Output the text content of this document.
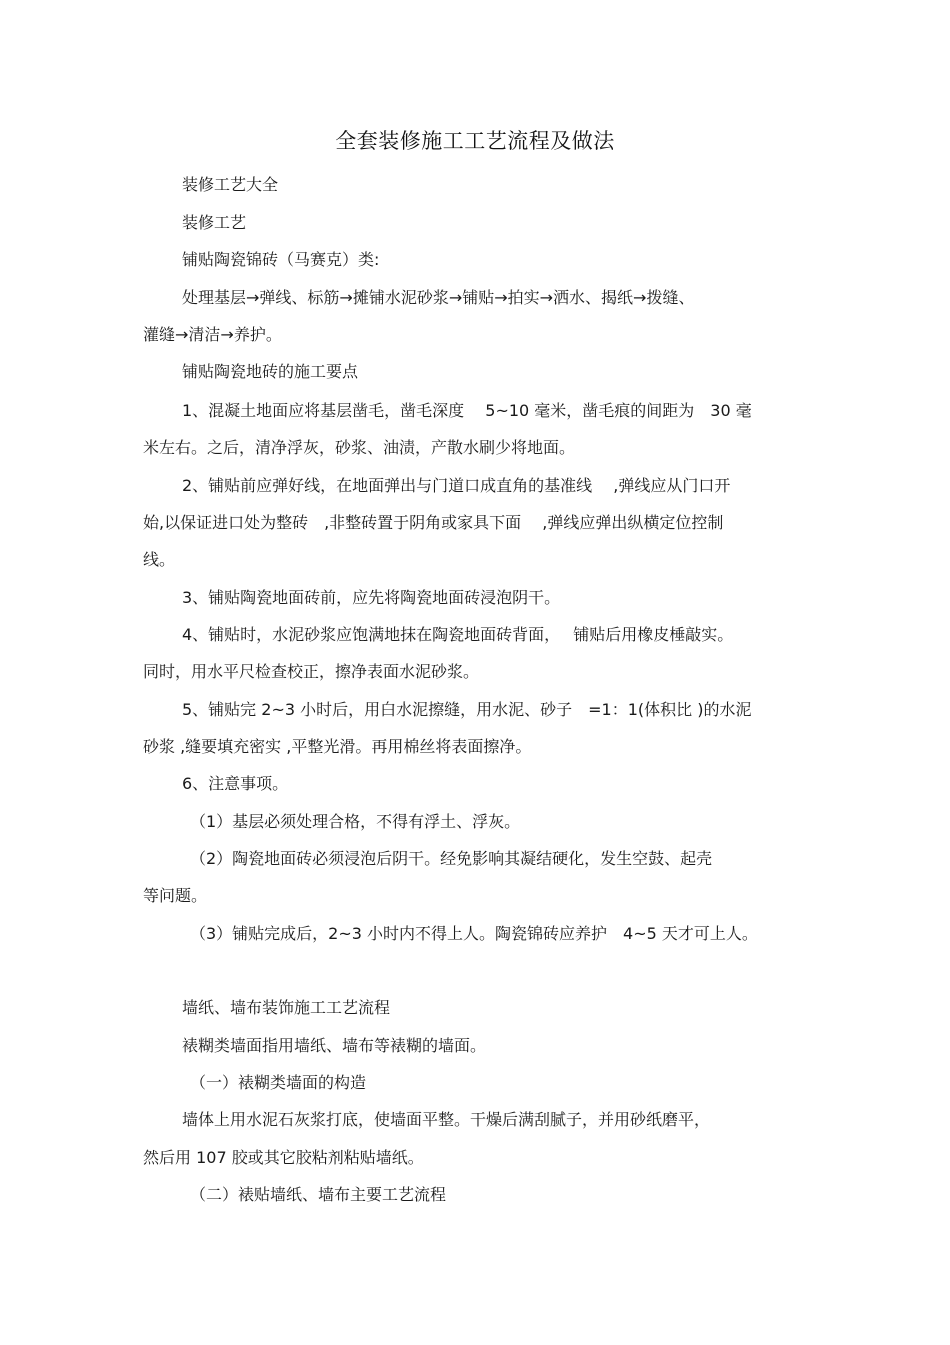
全套装修施工工艺流程及做法
装修工艺大全
装修工艺
铺贴陶瓷锦砖（马赛克）类:
处理基层→弹线、标筋→摊铺水泥砂浆→铺贴→拍实→洒水、揭纸→拨缝、
灌缝→清洁→养护。
铺贴陶瓷地砖的施工要点
1、混凝土地面应将基层凿毛，凿毛深度　 5~10 毫米，凿毛痕的间距为　30 毫
米左右。之后，清净浮灰，砂浆、油渍，产散水刷少将地面。
2、铺贴前应弹好线，在地面弹出与门道口成直角的基准线　 ,弹线应从门口开
始,以保证进口处为整砖　,非整砖置于阴角或家具下面　 ,弹线应弹出纵横定位控制
线。
3、铺贴陶瓷地面砖前，应先将陶瓷地面砖浸泡阴干。
4、铺贴时，水泥砂浆应饱满地抹在陶瓷地面砖背面，　 铺贴后用橡皮棰敲实。
同时，用水平尺检查校正，擦净表面水泥砂浆。
5、铺贴完 2~3 小时后，用白水泥擦缝，用水泥、砂子　=1：1(体积比 )的水泥
砂浆 ,缝要填充密实 ,平整光滑。再用棉丝将表面擦净。
6、注意事项。
（1）基层必须处理合格，不得有浮土、浮灰。
（2）陶瓷地面砖必须浸泡后阴干。经免影响其凝结硬化，发生空鼓、起壳
等问题。
（3）铺贴完成后，2~3 小时内不得上人。陶瓷锦砖应养护　4~5 天才可上人。
墙纸、墙布装饰施工工艺流程
裱糊类墙面指用墙纸、墙布等裱糊的墙面。
（一）裱糊类墙面的构造
墙体上用水泥石灰浆打底，使墙面平整。干燥后满刮腻子，并用砂纸磨平，
然后用 107 胶或其它胶粘剂粘贴墙纸。
（二）裱贴墙纸、墙布主要工艺流程
